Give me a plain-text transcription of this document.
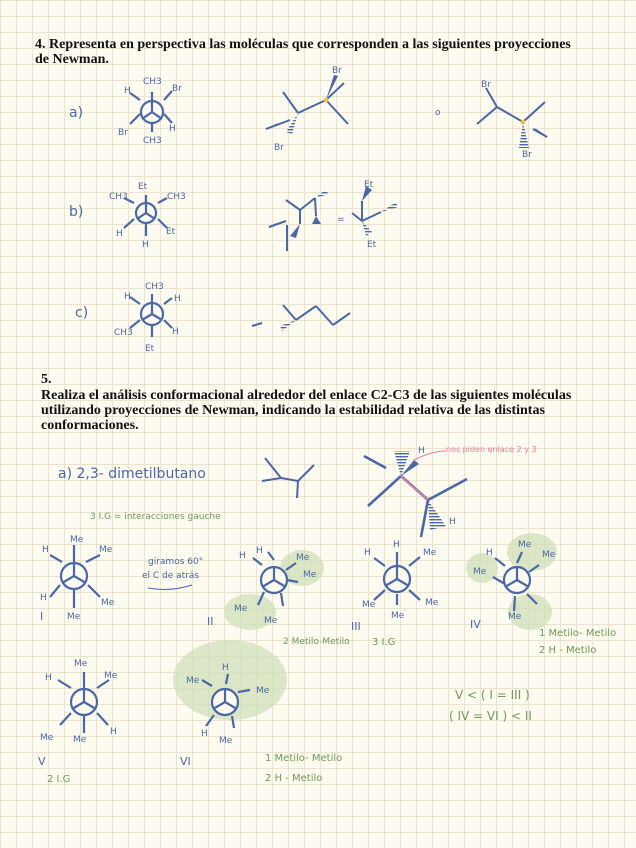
4. Representa en perspectiva las moléculas que corresponden a las siguientes proyecciones
de Newman.
a)
CH3
H	Br
Br	H
CH3
Br
Br
o
Br
Br
b)
Et
CH3	CH3
H	Et
H
=
Et
Et
c)
CH3
H	H
CH3	H
Et
5.
Realiza el análisis conformacional alrededor del enlace C2-C3 de las siguientes moléculas
utilizando proyecciones de Newman, indicando la estabilidad relativa de las distintas
conformaciones.
a) 2,3- dimetilbutano
3 I.G = interacciones gauche
nos piden enlace 2 y 3
H
H
giramos 60°
el C de atrás
Me
Me
Me
Me
H
H
I
H H
Me
Me
Me
Me
II
2 Metilo-Metilo
H
H
Me
Me
Me
Me
III
3 I.G
H
Me
Me
Me
Me
IV
1 Metilo- Metilo
2 H - Metilo
Me
Me
H
Me Me
H
V
2 I.G
Me
H
Me
H
Me
VI	1 Metilo- Metilo
2 H - Metilo
V < ( I = III )
( IV = VI ) < II
